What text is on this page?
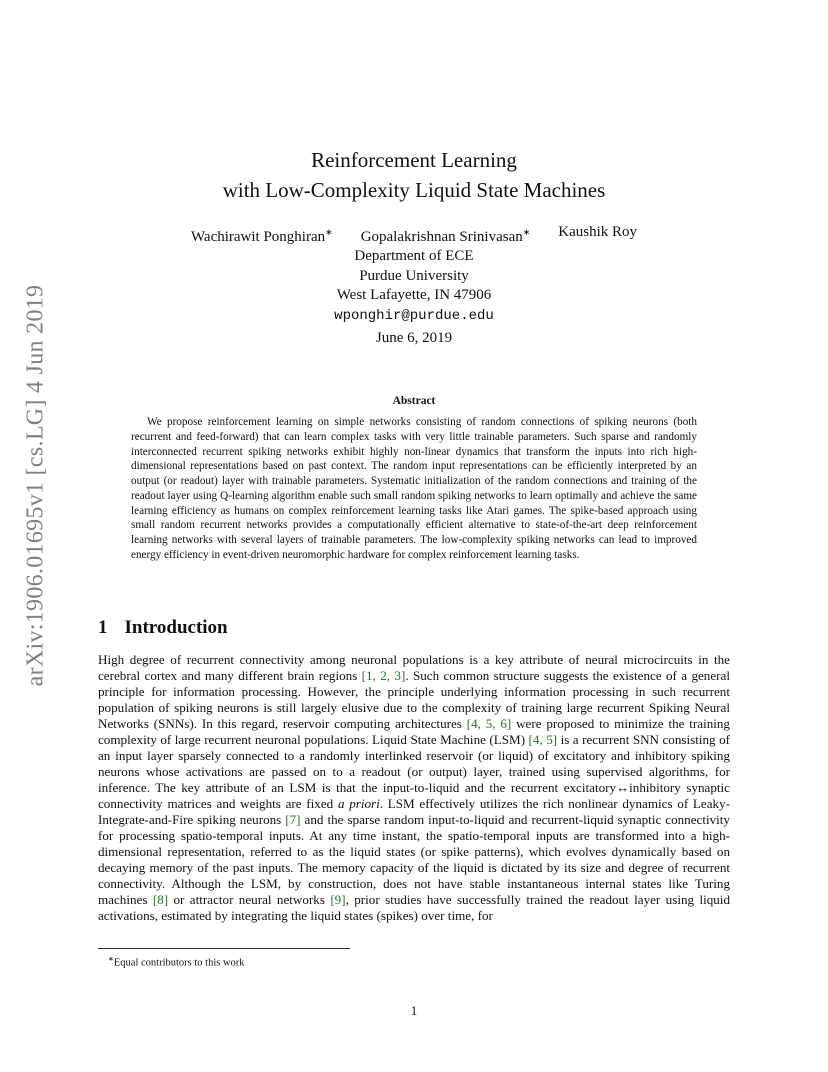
arXiv:1906.01695v1 [cs.LG] 4 Jun 2019
Reinforcement Learning
with Low-Complexity Liquid State Machines
Wachirawit Ponghiran∗ Gopalakrishnan Srinivasan∗ Kaushik Roy
Department of ECE
Purdue University
West Lafayette, IN 47906
wponghir@purdue.edu
June 6, 2019
Abstract

We propose reinforcement learning on simple networks consisting of random connections of spiking neurons (both recurrent and feed-forward) that can learn complex tasks with very little trainable parameters. Such sparse and randomly interconnected recurrent spiking networks exhibit highly non-linear dynamics that transform the inputs into rich high-dimensional representations based on past context. The random input representations can be efficiently interpreted by an output (or readout) layer with trainable parameters. Systematic initialization of the random connections and training of the readout layer using Q-learning algorithm enable such small random spiking networks to learn optimally and achieve the same learning efficiency as humans on complex reinforcement learning tasks like Atari games. The spike-based approach using small random recurrent networks provides a computationally efficient alternative to state-of-the-art deep reinforcement learning networks with several layers of trainable parameters. The low-complexity spiking networks can lead to improved energy efficiency in event-driven neuromorphic hardware for complex reinforcement learning tasks.

1 Introduction

High degree of recurrent connectivity among neuronal populations is a key attribute of neural microcircuits in the cerebral cortex and many different brain regions [1, 2, 3]. Such common structure suggests the existence of a general principle for information processing. However, the principle underlying information processing in such recurrent population of spiking neurons is still largely elusive due to the complexity of training large recurrent Spiking Neural Networks (SNNs). In this regard, reservoir computing architectures [4, 5, 6] were proposed to minimize the training complexity of large recurrent neuronal populations. Liquid State Machine (LSM) [4, 5] is a recurrent SNN consisting of an input layer sparsely connected to a randomly interlinked reservoir (or liquid) of excitatory and inhibitory spiking neurons whose activations are passed on to a readout (or output) layer, trained using supervised algorithms, for inference. The key attribute of an LSM is that the input-to-liquid and the recurrent excitatory↔inhibitory synaptic connectivity matrices and weights are fixed a priori. LSM effectively utilizes the rich nonlinear dynamics of Leaky-Integrate-and-Fire spiking neurons [7] and the sparse random input-to-liquid and recurrent-liquid synaptic connectivity for processing spatio-temporal inputs. At any time instant, the spatio-temporal inputs are transformed into a high-dimensional representation, referred to as the liquid states (or spike patterns), which evolves dynamically based on decaying memory of the past inputs. The memory capacity of the liquid is dictated by its size and degree of recurrent connectivity. Although the LSM, by construction, does not have stable instantaneous internal states like Turing machines [8] or attractor neural networks [9], prior studies have successfully trained the readout layer using liquid activations, estimated by integrating the liquid states (spikes) over time, for

∗Equal contributors to this work
1
